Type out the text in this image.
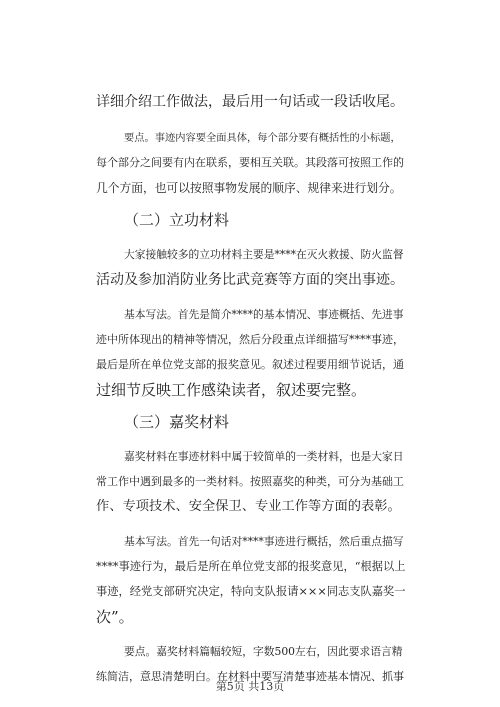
详细介绍工作做法，最后用一句话或一段话收尾。
要点。事迹内容要全面具体，每个部分要有概括性的小标题，
每个部分之间要有内在联系，要相互关联。其段落可按照工作的
几个方面，也可以按照事物发展的顺序、规律来进行划分。
（二）立功材料
大家接触较多的立功材料主要是****在灭火救援、防火监督
活动及参加消防业务比武竞赛等方面的突出事迹。
基本写法。首先是简介****的基本情况、事迹概括、先进事
迹中所体现出的精神等情况，然后分段重点详细描写****事迹，
最后是所在单位党支部的报奖意见。叙述过程要用细节说话，通
过细节反映工作感染读者，叙述要完整。
（三）嘉奖材料
嘉奖材料在事迹材料中属于较简单的一类材料，也是大家日
常工作中遇到最多的一类材料。按照嘉奖的种类，可分为基础工
作、专项技术、安全保卫、专业工作等方面的表彰。
基本写法。首先一句话对****事迹进行概括，然后重点描写
****事迹行为，最后是所在单位党支部的报奖意见，“根据以上
事迹，经党支部研究决定，特向支队报请×××同志支队嘉奖一
次”。
要点。嘉奖材料篇幅较短，字数500左右，因此要求语言精
练简洁，意思清楚明白。在材料中要写清楚事迹基本情况、抓事
第5页 共13页
